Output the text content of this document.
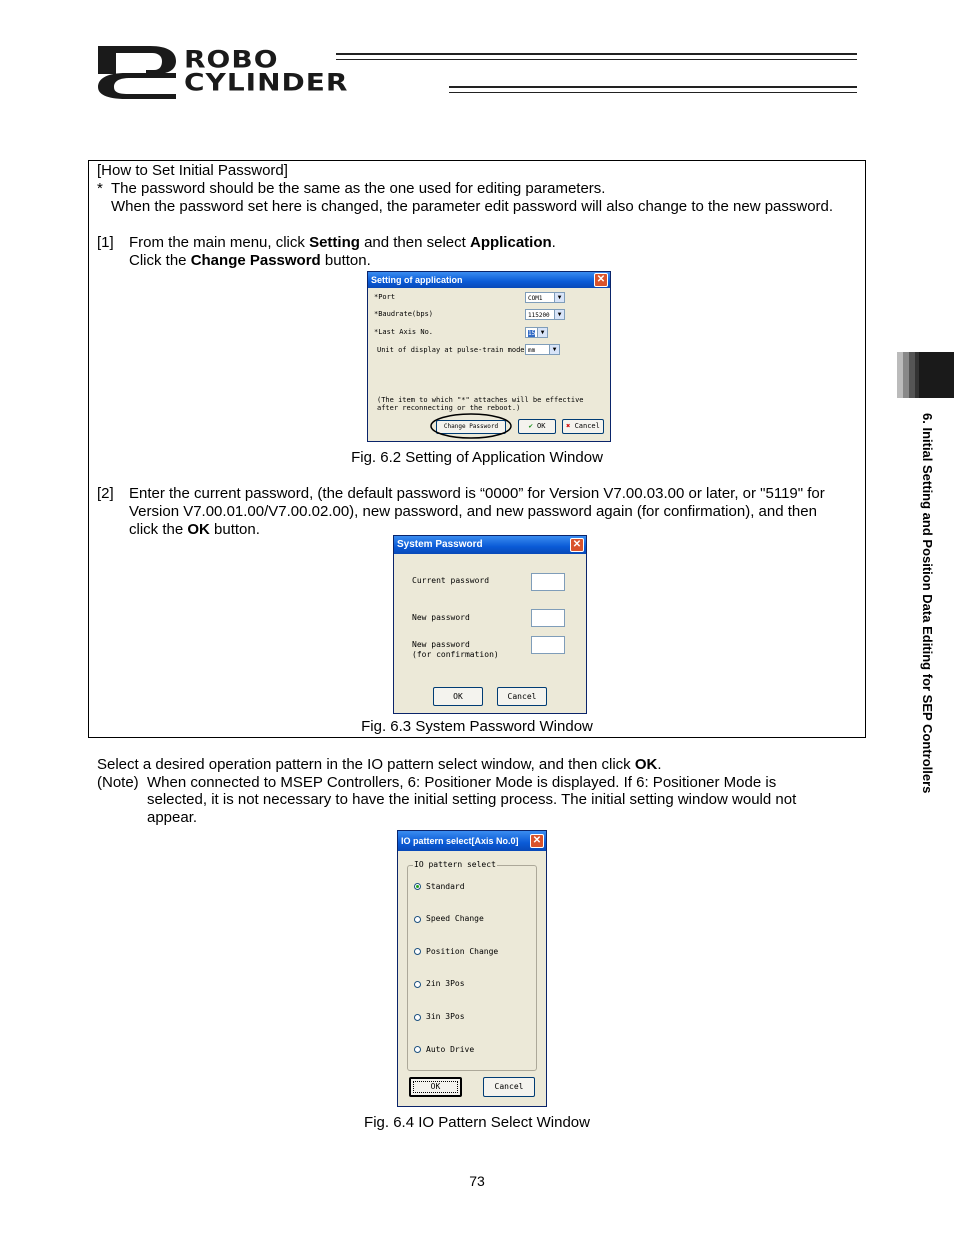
ROBO
CYLINDER
6. Initial Setting and Position Data Editing for SEP Controllers
[How to Set Initial Password]
* The password should be the same as the one used for editing parameters.
When the password set here is changed, the parameter edit password will also change to the new password.
[1] From the main menu, click Setting and then select Application.
Click the Change Password button.
Setting of application	✕
*Port	COM1	▼
*Baudrate(bps)	115200	▼
*Last Axis No.	15 ▼
Unit of display at pulse-train mode mm	▼
(The item to which "*" attaches will be effective
after reconnecting or the reboot.)
Change Password	✔ OK	✖ Cancel
Fig. 6.2 Setting of Application Window
[2] Enter the current password, (the default password is “0000” for Version V7.00.03.00 or later, or "5119" for
Version V7.00.01.00/V7.00.02.00), new password, and new password again (for confirmation), and then
click the OK button.
System Password	✕
Current password
New password
New password
(for confirmation)
OK	Cancel
Fig. 6.3 System Password Window
Select a desired operation pattern in the IO pattern select window, and then click OK.
(Note) When connected to MSEP Controllers, 6: Positioner Mode is displayed. If 6: Positioner Mode is
selected, it is not necessary to have the initial setting process. The initial setting window would not
appear.
IO pattern select[Axis No.0] ✕
IO pattern select
Standard
Speed Change
Position Change
2in 3Pos
3in 3Pos
Auto Drive
OK	Cancel
Fig. 6.4 IO Pattern Select Window
73
